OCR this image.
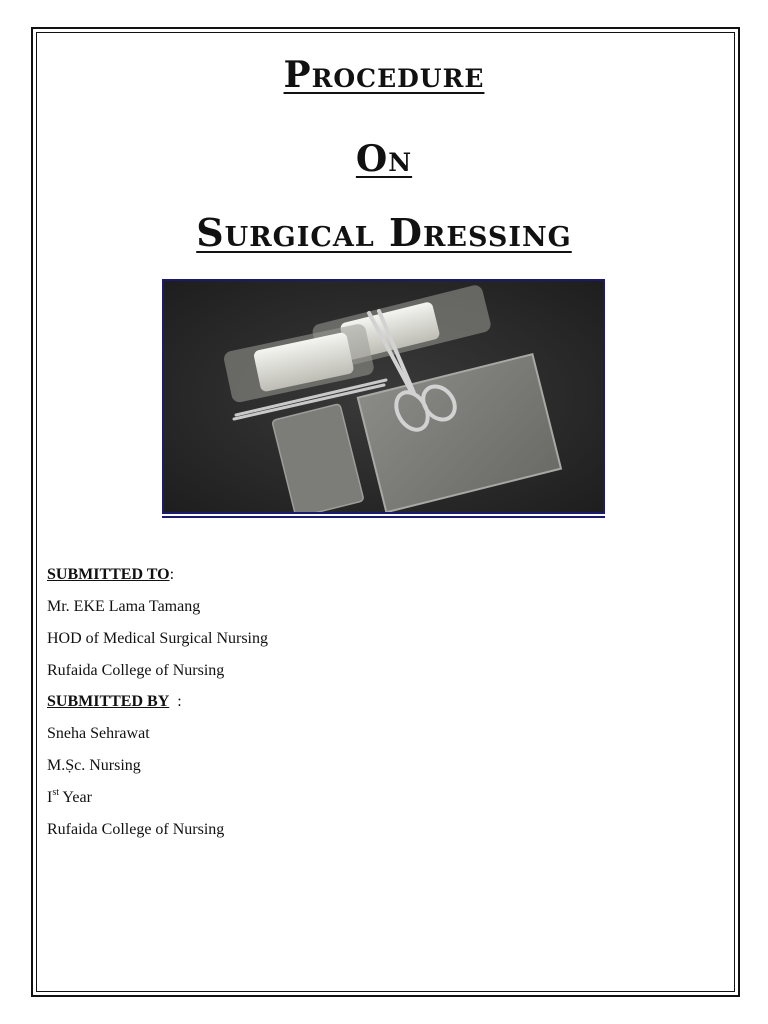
Procedure
On
Surgical Dressing
SUBMITTED TO:
Mr. EKE Lama Tamang
HOD of Medical Surgical Nursing
Rufaida College of Nursing
SUBMITTED BY :
Sneha Sehrawat
M.Ṣc. Nursing
Ist Year
Rufaida College of Nursing
